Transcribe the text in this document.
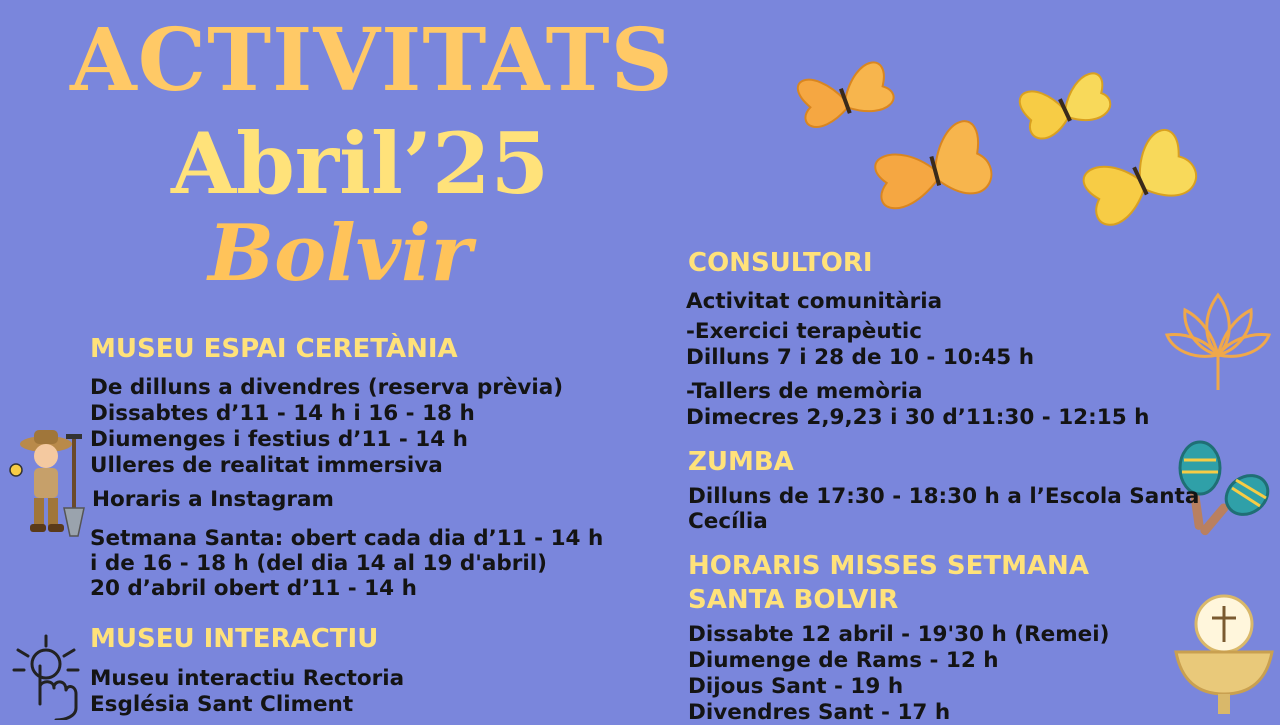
ACTIVITATS
Abril’25
Bolvir
MUSEU ESPAI CERETÀNIA
De dilluns a divendres (reserva prèvia)
Dissabtes d’11 - 14 h i 16 - 18 h
Diumenges i festius d’11 - 14 h
Ulleres de realitat immersiva
Horaris a Instagram
Setmana Santa: obert cada dia d’11 - 14 h
i de 16 - 18 h (del dia 14 al 19 d'abril)
20 d’abril obert d’11 - 14 h
MUSEU INTERACTIU
Museu interactiu Rectoria
Església Sant Climent
CONSULTORI
Activitat comunitària
-Exercici terapèutic
Dilluns 7 i 28 de 10 - 10:45 h
-Tallers de memòria
Dimecres 2,9,23 i 30 d’11:30 - 12:15 h
ZUMBA
Dilluns de 17:30 - 18:30 h a l’Escola Santa
Cecília
HORARIS MISSES SETMANA
SANTA BOLVIR
Dissabte 12 abril - 19'30 h (Remei)
Diumenge de Rams - 12 h
Dijous Sant - 19 h
Divendres Sant - 17 h
